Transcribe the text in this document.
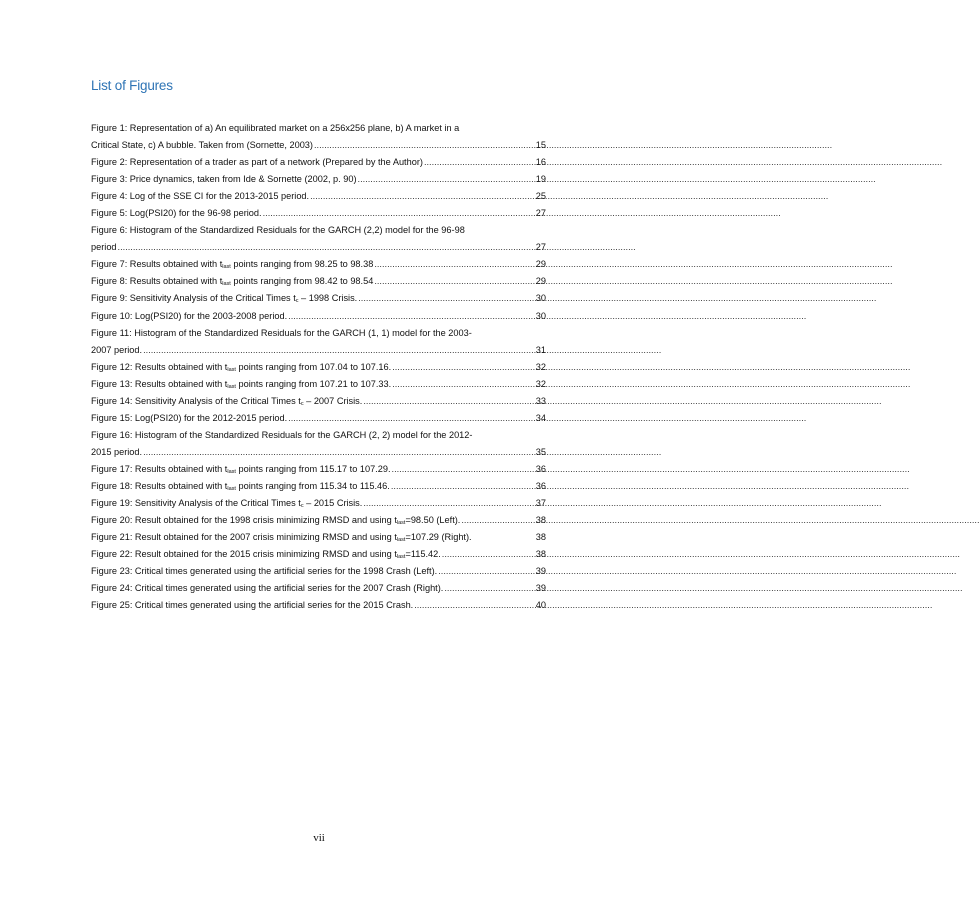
List of Figures
Figure 1: Representation of a) An equilibrated market on a 256x256 plane, b) A market in a
Critical State, c) A bubble. Taken from (Sornette, 2003) .....	15
Figure 2: Representation of a trader as part of a network (Prepared by the Author) .....	16
Figure 3: Price dynamics, taken from Ide & Sornette (2002, p. 90) .....	19
Figure 4: Log of the SSE CI for the 2013-2015 period. .....	25
Figure 5: Log(PSI20) for the 96-98 period. .....	27
Figure 6: Histogram of the Standardized Residuals for the GARCH (2,2) model for the 96-98
period .....	27
Figure 7: Results obtained with $t_{last}$ points ranging from 98.25 to 98.38 .....	29
Figure 8: Results obtained with $t_{last}$ points ranging from 98.42 to 98.54 .....	29
Figure 9: Sensitivity Analysis of the Critical Times $t_c - 1998$ Crisis. .....	30
Figure 10: Log(PSI20) for the 2003-2008 period. .....	30
Figure 11: Histogram of the Standardized Residuals for the GARCH (1, 1) model for the 2003-
2007 period. .....	31
Figure 12: Results obtained with $t_{last}$ points ranging from 107.04 to 107.16. .....	32
Figure 13: Results obtained with $t_{last}$ points ranging from 107.21 to 107.33. .....	32
Figure 14: Sensitivity Analysis of the Critical Times $t_c - 2007$ Crisis. .....	33
Figure 15: Log(PSI20) for the 2012-2015 period. .....	34
Figure 16: Histogram of the Standardized Residuals for the GARCH (2, 2) model for the 2012-
2015 period. .....	35
Figure 17: Results obtained with $t_{last}$ points ranging from 115.17 to 107.29. .....	36
Figure 18: Results obtained with $t_{last}$ points ranging from 115.34 to 115.46. .....	36
Figure 19: Sensitivity Analysis of the Critical Times $t_c - 2015$ Crisis. .....	37
Figure 20: Result obtained for the 1998 crisis minimizing RMSD and using $t_{last}=98.50$ (Left). .....	38
Figure 21: Result obtained for the 2007 crisis minimizing RMSD and using $t_{last}=107.29$ (Right).	38
Figure 22: Result obtained for the 2015 crisis minimizing RMSD and using $t_{last}=115.42$. .....	38
Figure 23: Critical times generated using the artificial series for the 1998 Crash (Left). .....	39
Figure 24: Critical times generated using the artificial series for the 2007 Crash (Right). .....	39
Figure 25: Critical times generated using the artificial series for the 2015 Crash. .....	40
vii
